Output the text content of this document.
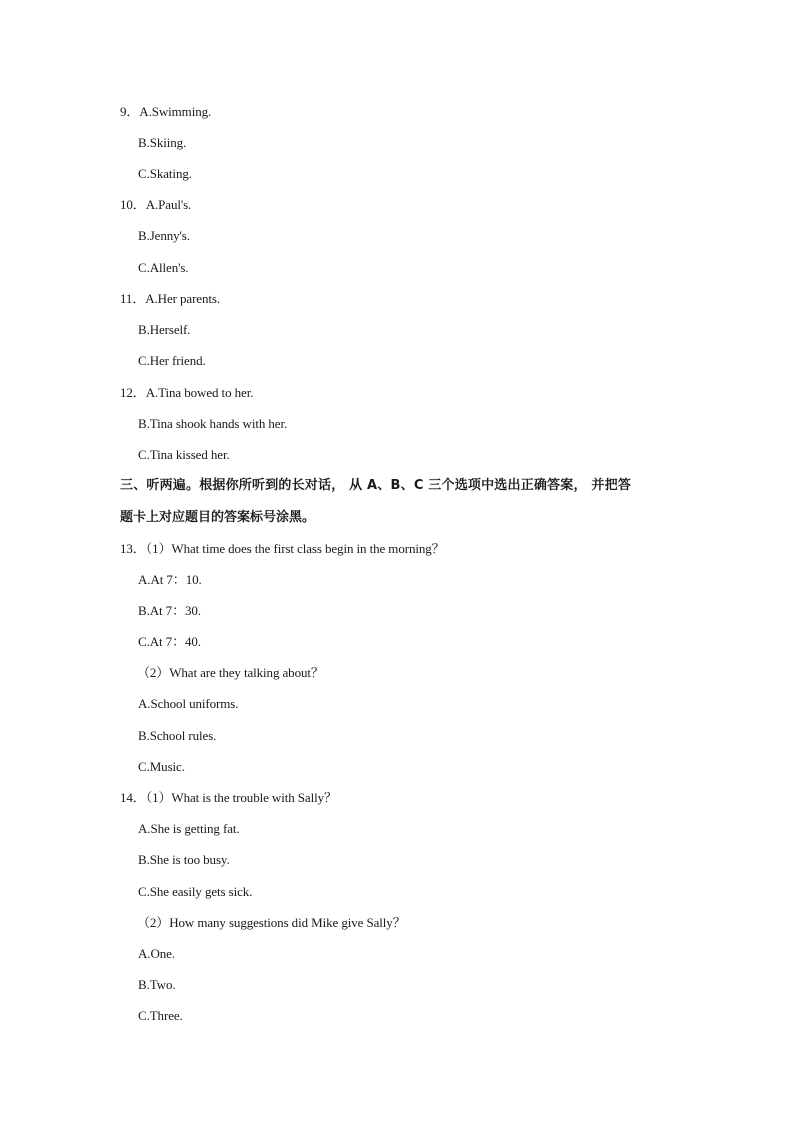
9．A.Swimming.
B.Skiing.
C.Skating.
10．A.Paul's.
B.Jenny's.
C.Allen's.
11．A.Her parents.
B.Herself.
C.Her friend.
12．A.Tina bowed to her.
B.Tina shook hands with her.
C.Tina kissed her.
三、听两遍。根据你所听到的长对话， 从 A、B、C 三个选项中选出正确答案， 并把答
题卡上对应题目的答案标号涂黑。
13．（1）What time does the first class begin in the morning？
A.At 7：10.
B.At 7：30.
C.At 7：40.
（2）What are they talking about？
A.School uniforms.
B.School rules.
C.Music.
14．（1）What is the trouble with Sally？
A.She is getting fat.
B.She is too busy.
C.She easily gets sick.
（2）How many suggestions did Mike give Sally？
A.One.
B.Two.
C.Three.
